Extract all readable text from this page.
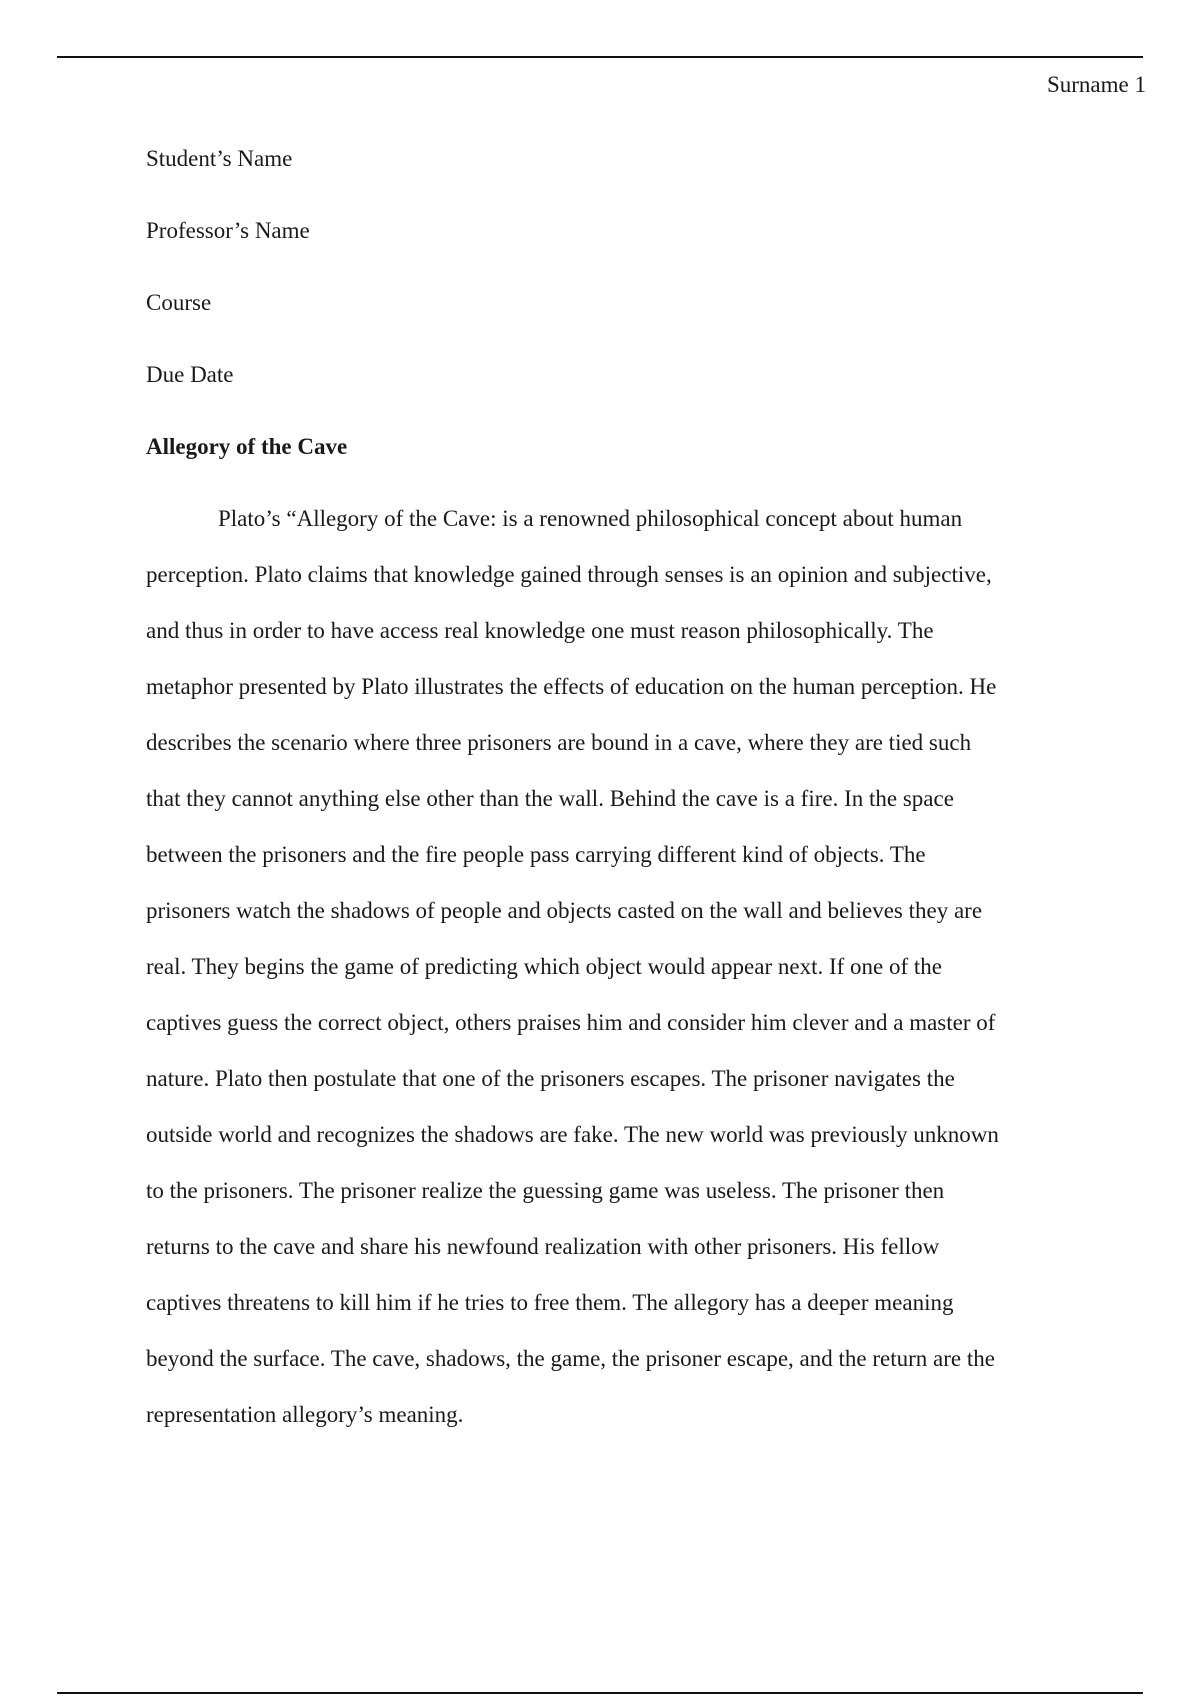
Surname 1
Student’s Name
Professor’s Name
Course
Due Date
Allegory of the Cave
Plato’s “Allegory of the Cave: is a renowned philosophical concept about human
perception. Plato claims that knowledge gained through senses is an opinion and subjective,
and thus in order to have access real knowledge one must reason philosophically. The
metaphor presented by Plato illustrates the effects of education on the human perception. He
describes the scenario where three prisoners are bound in a cave, where they are tied such
that they cannot anything else other than the wall. Behind the cave is a fire. In the space
between the prisoners and the fire people pass carrying different kind of objects. The
prisoners watch the shadows of people and objects casted on the wall and believes they are
real. They begins the game of predicting which object would appear next. If one of the
captives guess the correct object, others praises him and consider him clever and a master of
nature. Plato then postulate that one of the prisoners escapes. The prisoner navigates the
outside world and recognizes the shadows are fake. The new world was previously unknown
to the prisoners. The prisoner realize the guessing game was useless. The prisoner then
returns to the cave and share his newfound realization with other prisoners. His fellow
captives threatens to kill him if he tries to free them. The allegory has a deeper meaning
beyond the surface. The cave, shadows, the game, the prisoner escape, and the return are the
representation allegory’s meaning.
